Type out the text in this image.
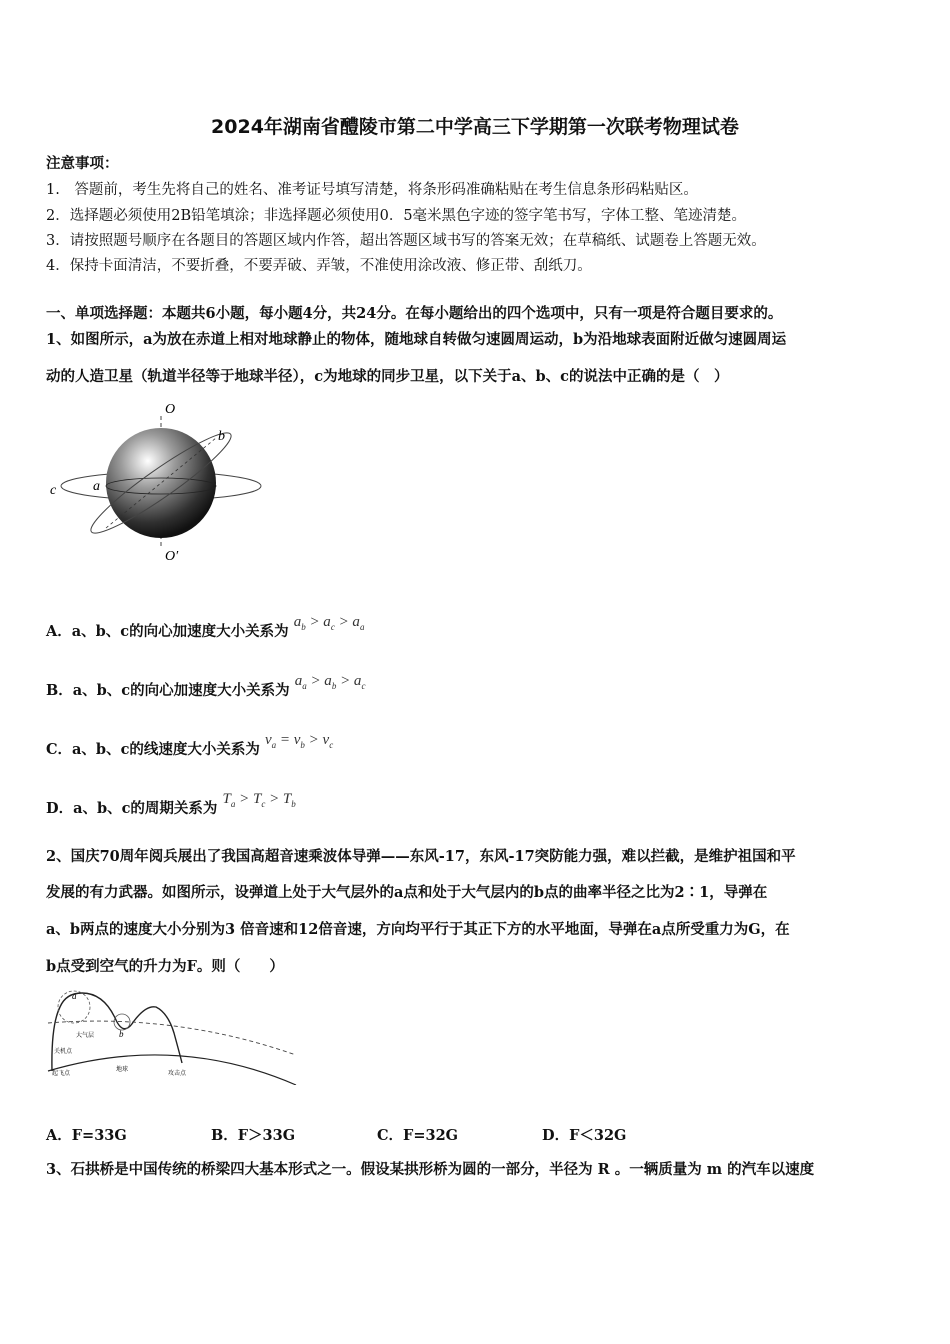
2024年湖南省醴陵市第二中学高三下学期第一次联考物理试卷
注意事项：
1.　答题前，考生先将自己的姓名、准考证号填写清楚，将条形码准确粘贴在考生信息条形码粘贴区。
2．选择题必须使用2B铅笔填涂；非选择题必须使用0．5毫米黑色字迹的签字笔书写，字体工整、笔迹清楚。
3．请按照题号顺序在各题目的答题区域内作答，超出答题区域书写的答案无效；在草稿纸、试题卷上答题无效。
4．保持卡面清洁，不要折叠，不要弄破、弄皱，不准使用涂改液、修正带、刮纸刀。
一、单项选择题：本题共6小题，每小题4分，共24分。在每小题给出的四个选项中，只有一项是符合题目要求的。
1、如图所示，a为放在赤道上相对地球静止的物体，随地球自转做匀速圆周运动，b为沿地球表面附近做匀速圆周运
动的人造卫星（轨道半径等于地球半径），c为地球的同步卫星，以下关于a、b、c的说法中正确的是（　）
O
O′
a
b
c
A．a、b、c的向心加速度大小关系为 $a_b > a_c > a_a$
B．a、b、c的向心加速度大小关系为 $a_a > a_b > a_c$
C．a、b、c的线速度大小关系为 $v_a = v_b > v_c$
D．a、b、c的周期关系为 $T_a > T_c > T_b$
2、国庆70周年阅兵展出了我国高超音速乘波体导弹——东风-17，东风-17突防能力强，难以拦截，是维护祖国和平
发展的有力武器。如图所示，设弹道上处于大气层外的a点和处于大气层内的b点的曲率半径之比为2∶1，导弹在
a、b两点的速度大小分别为3 倍音速和12倍音速，方向均平行于其正下方的水平地面，导弹在a点所受重力为G，在
b点受到空气的升力为F。则（　　）
a
b
大气层
关机点
起飞点
地球
攻击点
A．F=33G	B．F＞33G	C．F=32G	D．F＜32G
3、石拱桥是中国传统的桥梁四大基本形式之一。假设某拱形桥为圆的一部分，半径为 R 。一辆质量为 m 的汽车以速度
